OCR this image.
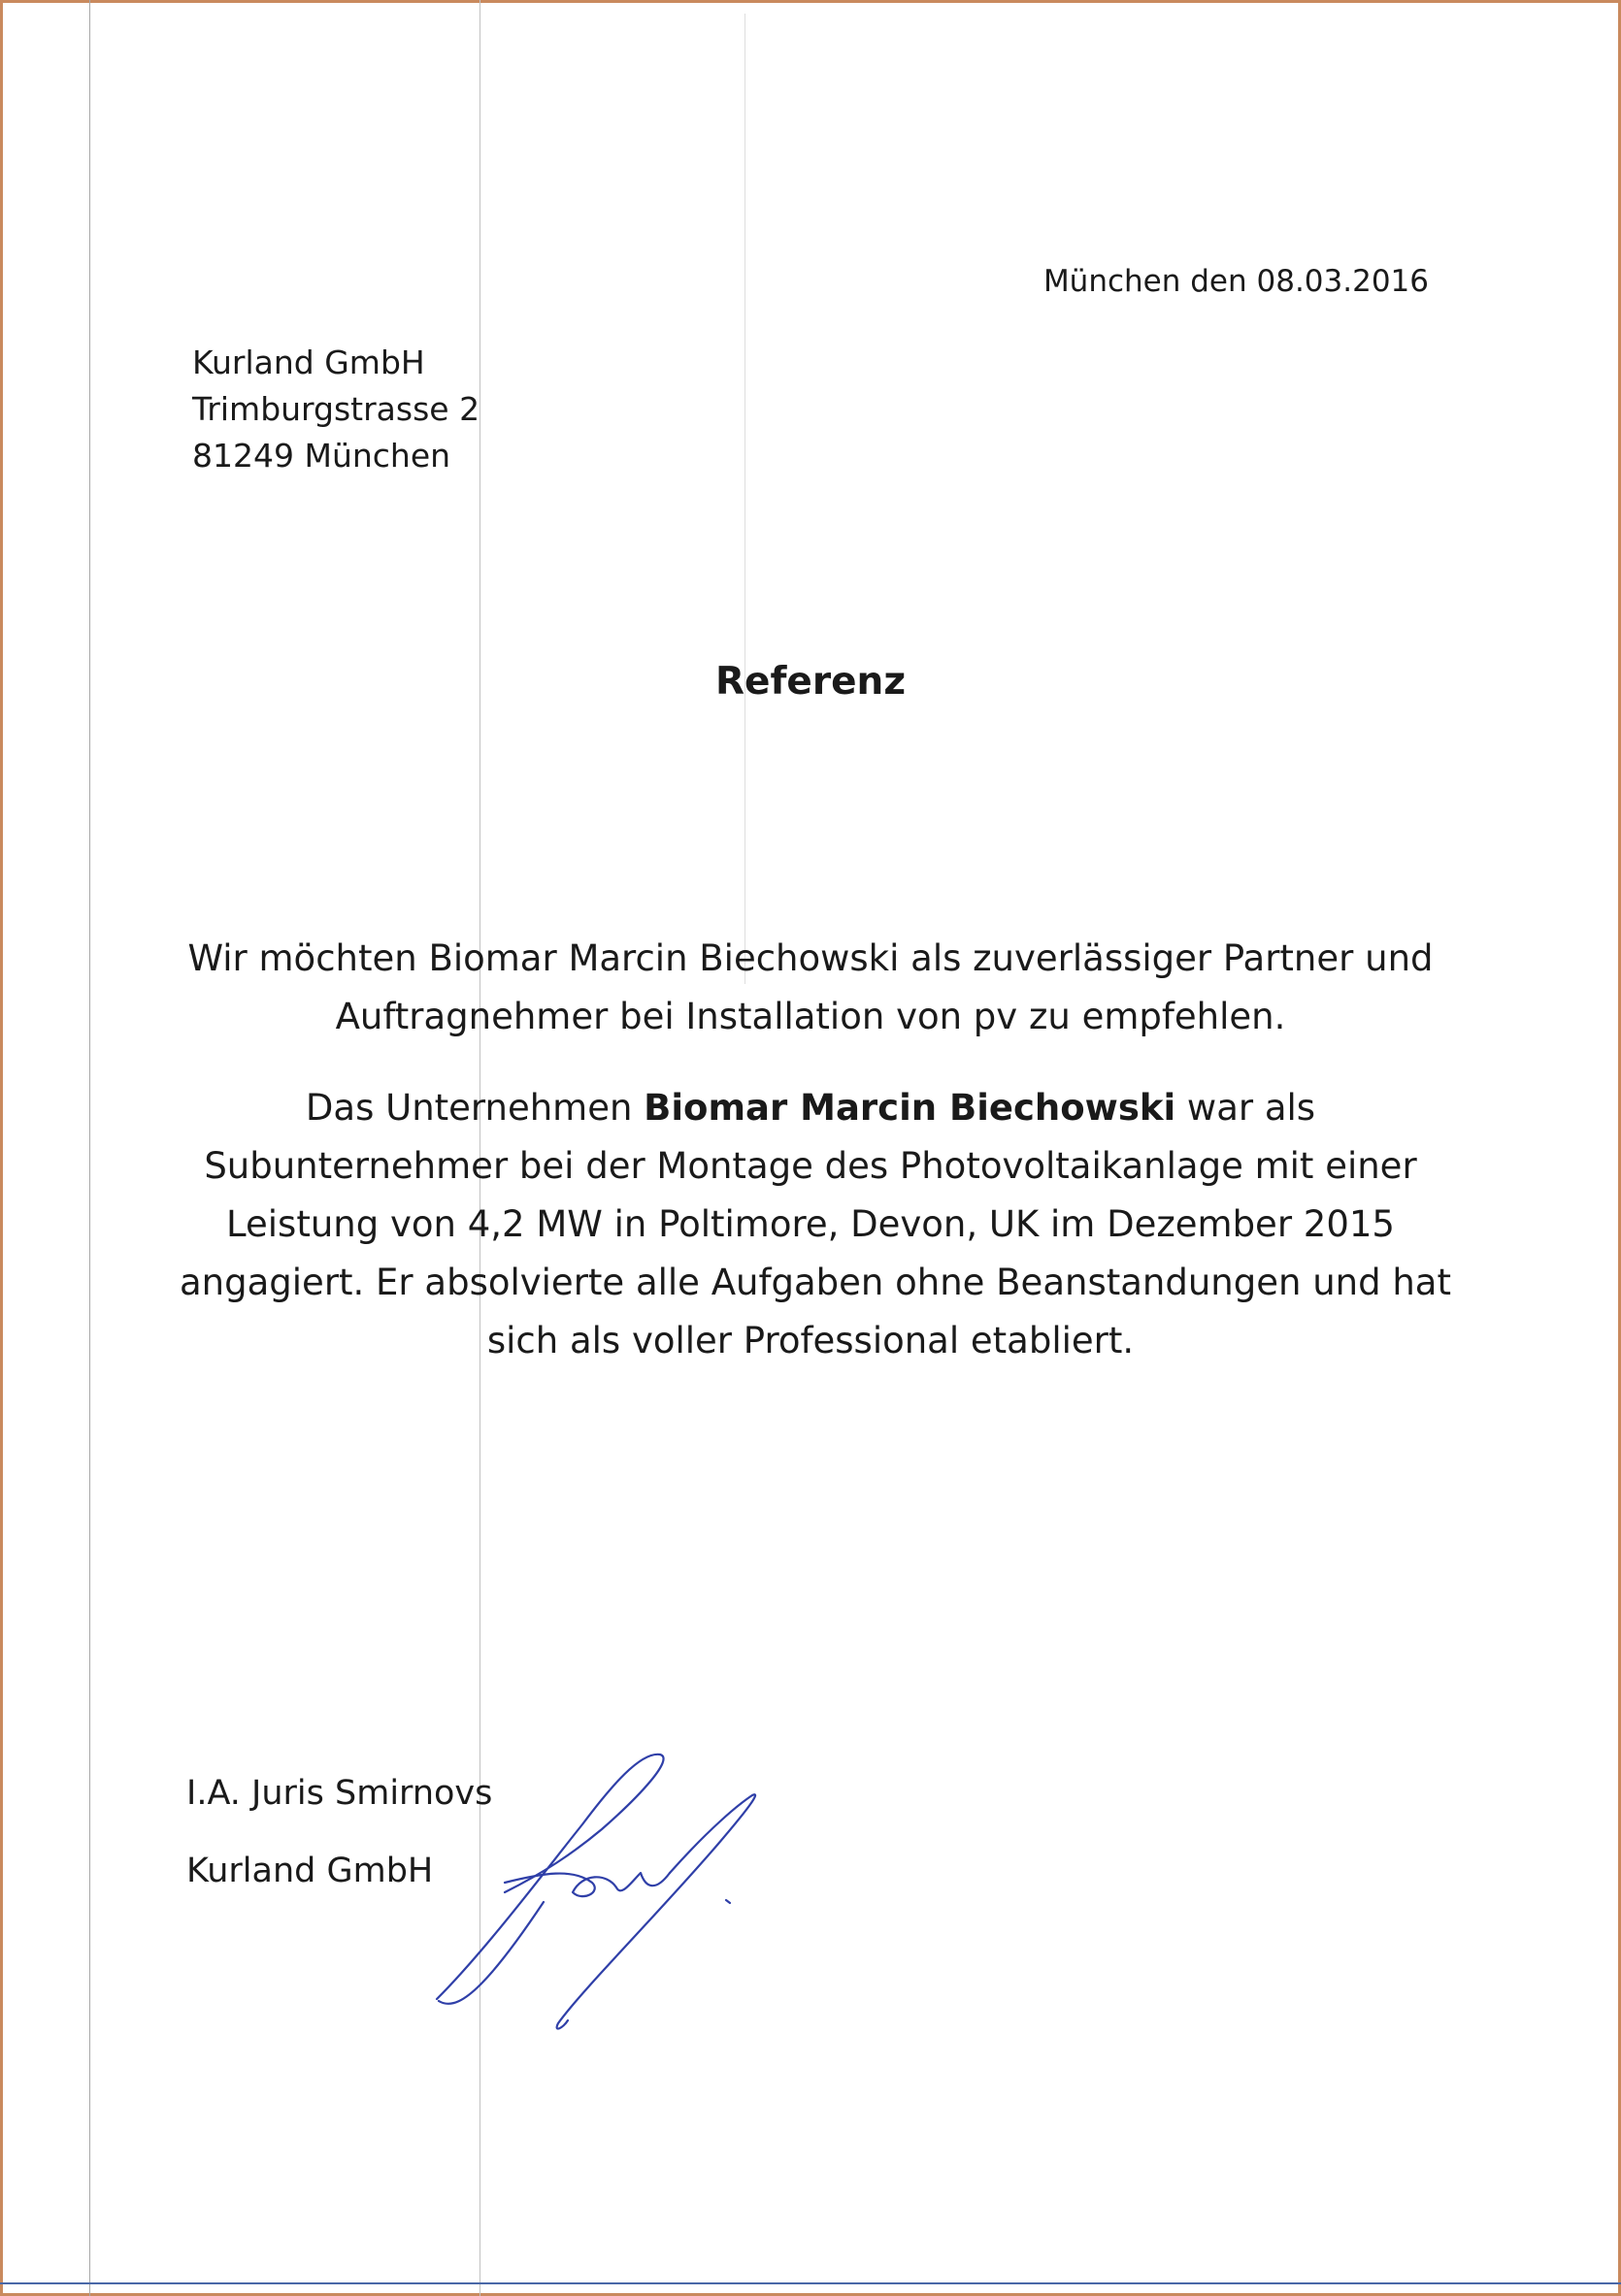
München den 08.03.2016
Kurland GmbH
Trimburgstrasse 2
81249 München
Referenz
Wir möchten Biomar Marcin Biechowski als zuverlässiger Partner und
Auftragnehmer bei Installation von pv zu empfehlen.
Das Unternehmen Biomar Marcin Biechowski war als
Subunternehmer bei der Montage des Photovoltaikanlage mit einer
Leistung von 4,2 MW in Poltimore, Devon, UK im Dezember 2015
angagiert. Er absolvierte alle Aufgaben ohne Beanstandungen und hat
sich als voller Professional etabliert.
I.A. Juris Smirnovs
Kurland GmbH
